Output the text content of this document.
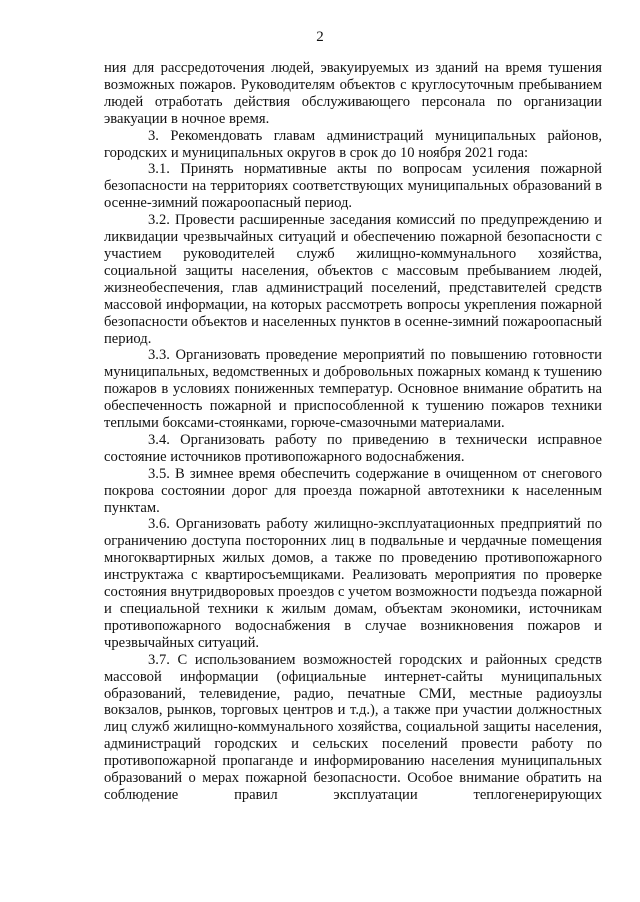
2

ния для рассредоточения людей, эвакуируемых из зданий на время тушения возможных пожаров. Руководителям объектов с круглосуточным пребыванием людей отработать действия обслуживающего персонала по организации эвакуации в ночное время.

3. Рекомендовать главам администраций муниципальных районов, городских и муниципальных округов в срок до 10 ноября 2021 года:

3.1. Принять нормативные акты по вопросам усиления пожарной безопасности на территориях соответствующих муниципальных образований в осенне-зимний пожароопасный период.

3.2. Провести расширенные заседания комиссий по предупреждению и ликвидации чрезвычайных ситуаций и обеспечению пожарной безопасности с участием руководителей служб жилищно-коммунального хозяйства, социальной защиты населения, объектов с массовым пребыванием людей, жизнеобеспечения, глав администраций поселений, представителей средств массовой информации, на которых рассмотреть вопросы укрепления пожарной безопасности объектов и населенных пунктов в осенне-зимний пожароопасный период.

3.3. Организовать проведение мероприятий по повышению готовности муниципальных, ведомственных и добровольных пожарных команд к тушению пожаров в условиях пониженных температур. Основное внимание обратить на обеспеченность пожарной и приспособленной к тушению пожаров техники теплыми боксами-стоянками, горюче-смазочными материалами.

3.4. Организовать работу по приведению в технически исправное состояние источников противопожарного водоснабжения.

3.5. В зимнее время обеспечить содержание в очищенном от снегового покрова состоянии дорог для проезда пожарной автотехники к населенным пунктам.

3.6. Организовать работу жилищно-эксплуатационных предприятий по ограничению доступа посторонних лиц в подвальные и чердачные помещения многоквартирных жилых домов, а также по проведению противопожарного инструктажа с квартиросъемщиками. Реализовать мероприятия по проверке состояния внутридворовых проездов с учетом возможности подъезда пожарной и специальной техники к жилым домам, объектам экономики, источникам противопожарного водоснабжения в случае возникновения пожаров и чрезвычайных ситуаций.

3.7. С использованием возможностей городских и районных средств массовой информации (официальные интернет-сайты муниципальных образований, телевидение, радио, печатные СМИ, местные радиоузлы вокзалов, рынков, торговых центров и т.д.), а также при участии должностных лиц служб жилищно-коммунального хозяйства, социальной защиты населения, администраций городских и сельских поселений провести работу по противопожарной пропаганде и информированию населения муниципальных образований о мерах пожарной безопасности. Особое внимание обратить на соблюдение правил эксплуатации теплогенерирующих
